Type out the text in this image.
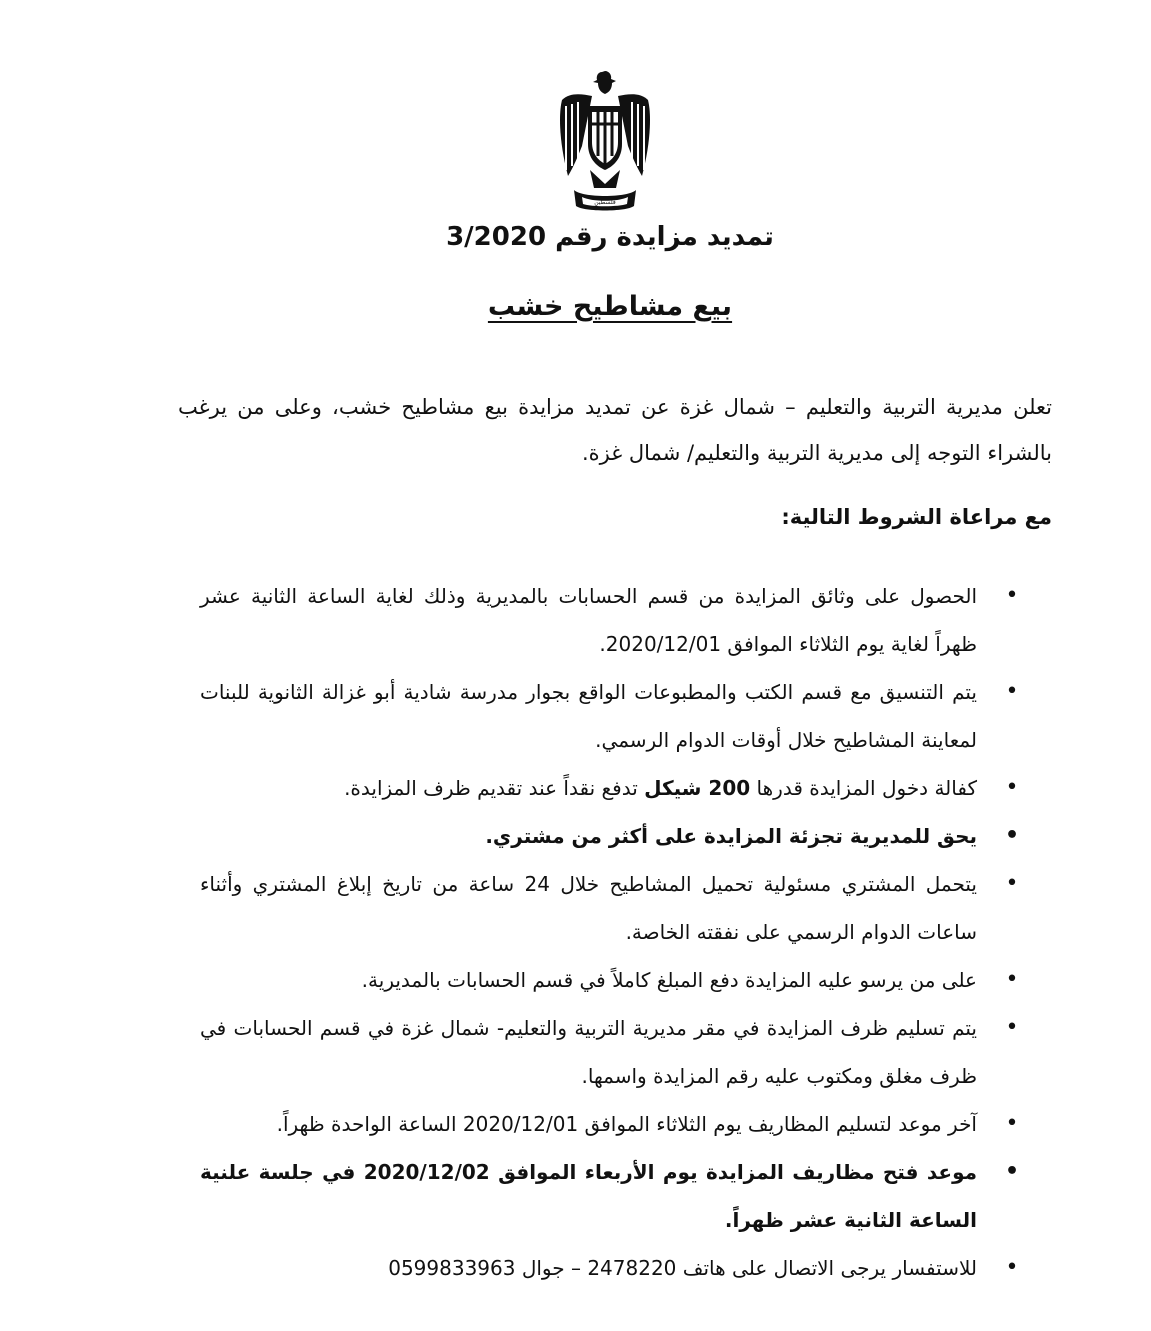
فلسطين
تمديد مزايدة رقم 3/2020
بيع مشاطيح خشب
تعلن مديرية التربية والتعليم – شمال غزة عن تمديد مزايدة بيع مشاطيح خشب، وعلى من يرغب بالشراء التوجه إلى مديرية التربية والتعليم/ شمال غزة.
مع مراعاة الشروط التالية:
•
الحصول على وثائق المزايدة من قسم الحسابات بالمديرية وذلك لغاية الساعة الثانية عشر ظهراً لغاية يوم الثلاثاء الموافق 2020/12/01.
•
يتم التنسيق مع قسم الكتب والمطبوعات الواقع بجوار مدرسة شادية أبو غزالة الثانوية للبنات لمعاينة المشاطيح خلال أوقات الدوام الرسمي.
•
كفالة دخول المزايدة قدرها 200 شيكل تدفع نقداً عند تقديم ظرف المزايدة.
•
يحق للمديرية تجزئة المزايدة على أكثر من مشتري.
•
يتحمل المشتري مسئولية تحميل المشاطيح خلال 24 ساعة من تاريخ إبلاغ المشتري وأثناء ساعات الدوام الرسمي على نفقته الخاصة.
•
على من يرسو عليه المزايدة دفع المبلغ كاملاً في قسم الحسابات بالمديرية.
•
يتم تسليم ظرف المزايدة في مقر مديرية التربية والتعليم- شمال غزة في قسم الحسابات في ظرف مغلق ومكتوب عليه رقم المزايدة واسمها.
•
آخر موعد لتسليم المظاريف يوم الثلاثاء الموافق 2020/12/01 الساعة الواحدة ظهراً.
•
موعد فتح مظاريف المزايدة يوم الأربعاء الموافق 2020/12/02 في جلسة علنية الساعة الثانية عشر ظهراً.
•
للاستفسار يرجى الاتصال على هاتف 2478220 – جوال 0599833963
